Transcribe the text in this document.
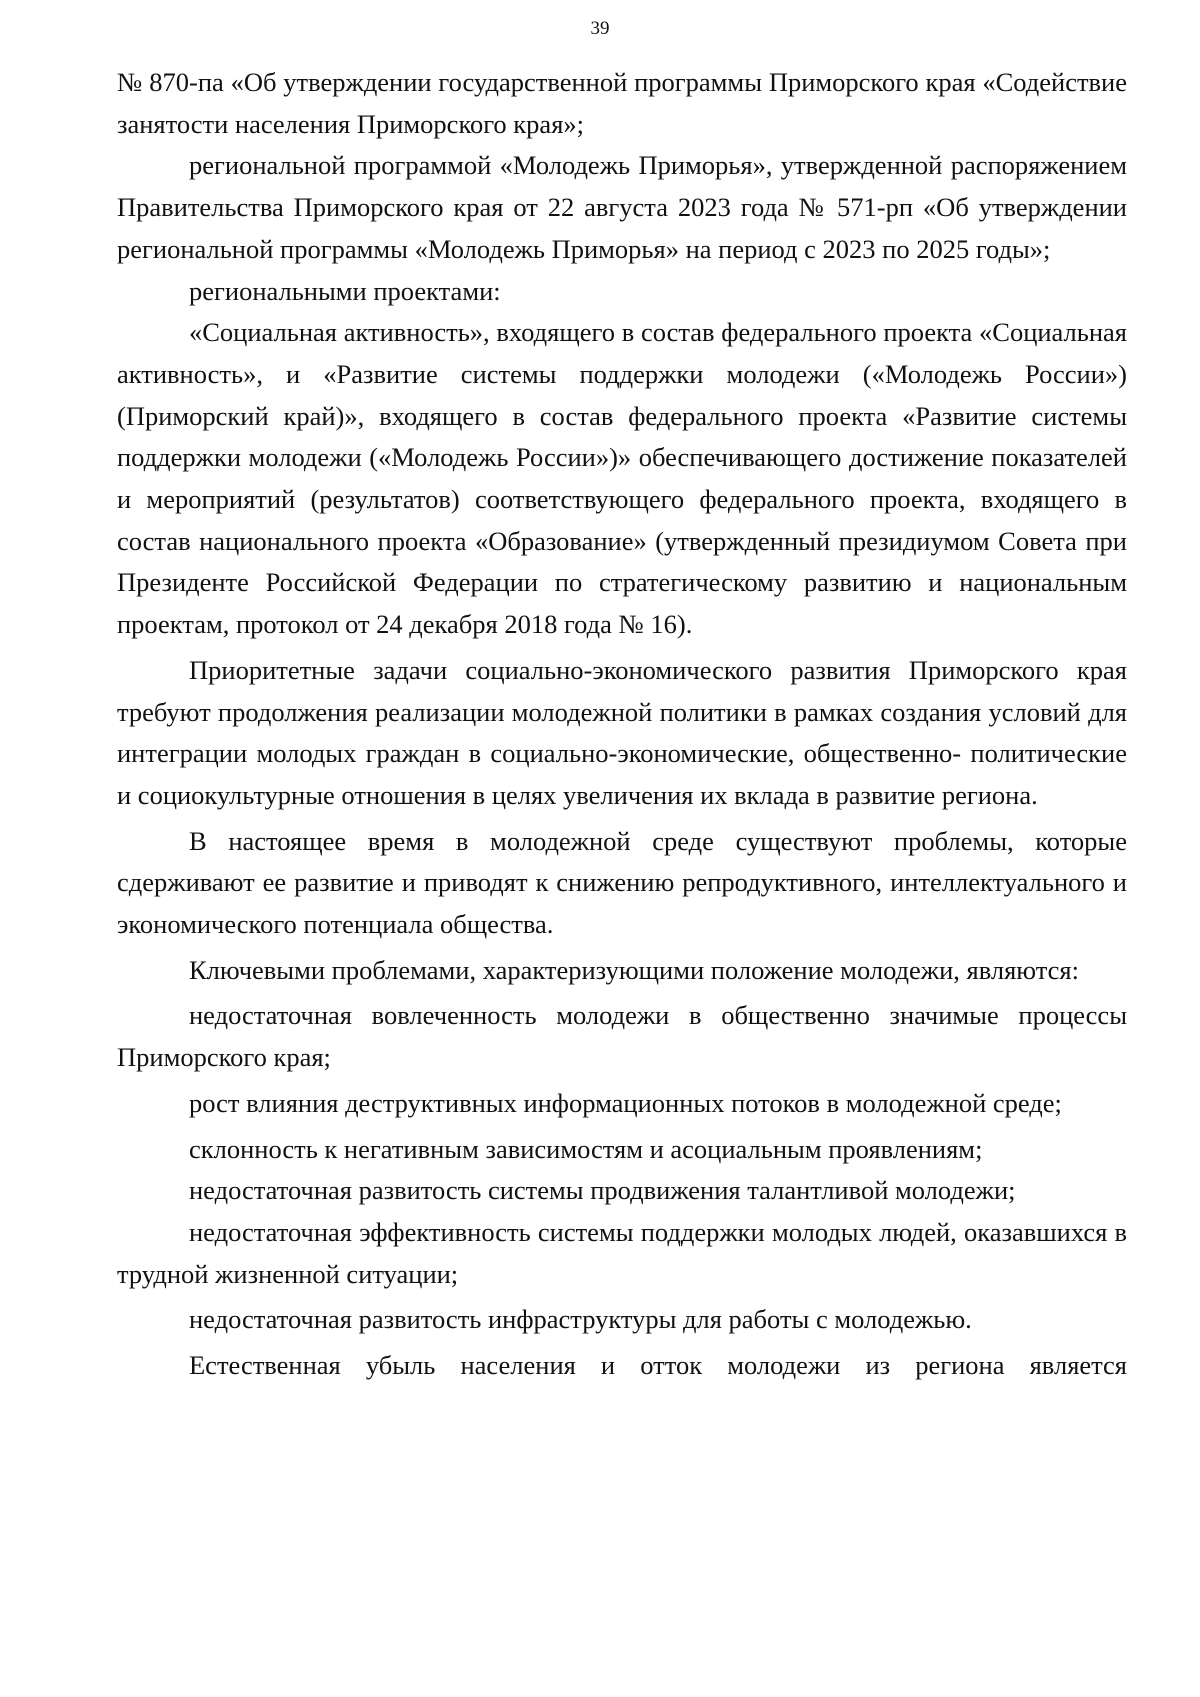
39

№ 870-па «Об утверждении государственной программы Приморского края «Содействие занятости населения Приморского края»;

региональной программой «Молодежь Приморья», утвержденной распоряжением Правительства Приморского края от 22 августа 2023 года № 571-рп «Об утверждении региональной программы «Молодежь Приморья» на период с 2023 по 2025 годы»;

региональными проектами:

«Социальная активность», входящего в состав федерального проекта «Социальная активность», и «Развитие системы поддержки молодежи («Молодежь России») (Приморский край)», входящего в состав федерального проекта «Развитие системы поддержки молодежи («Молодежь России»)» обеспечивающего достижение показателей и мероприятий (результатов) соответствующего федерального проекта, входящего в состав национального проекта «Образование» (утвержденный президиумом Совета при Президенте Российской Федерации по стратегическому развитию и национальным проектам, протокол от 24 декабря 2018 года № 16).

Приоритетные задачи социально-экономического развития Приморского края требуют продолжения реализации молодежной политики в рамках создания условий для интеграции молодых граждан в социально-экономические, общественно- политические и социокультурные отношения в целях увеличения их вклада в развитие региона.

В настоящее время в молодежной среде существуют проблемы, которые сдерживают ее развитие и приводят к снижению репродуктивного, интеллектуального и экономического потенциала общества.

Ключевыми проблемами, характеризующими положение молодежи, являются:

недостаточная вовлеченность молодежи в общественно значимые процессы Приморского края;

рост влияния деструктивных информационных потоков в молодежной среде;

склонность к негативным зависимостям и асоциальным проявлениям;

недостаточная развитость системы продвижения талантливой молодежи;

недостаточная эффективность системы поддержки молодых людей, оказавшихся в трудной жизненной ситуации;

недостаточная развитость инфраструктуры для работы с молодежью.

Естественная убыль населения и отток молодежи из региона является
